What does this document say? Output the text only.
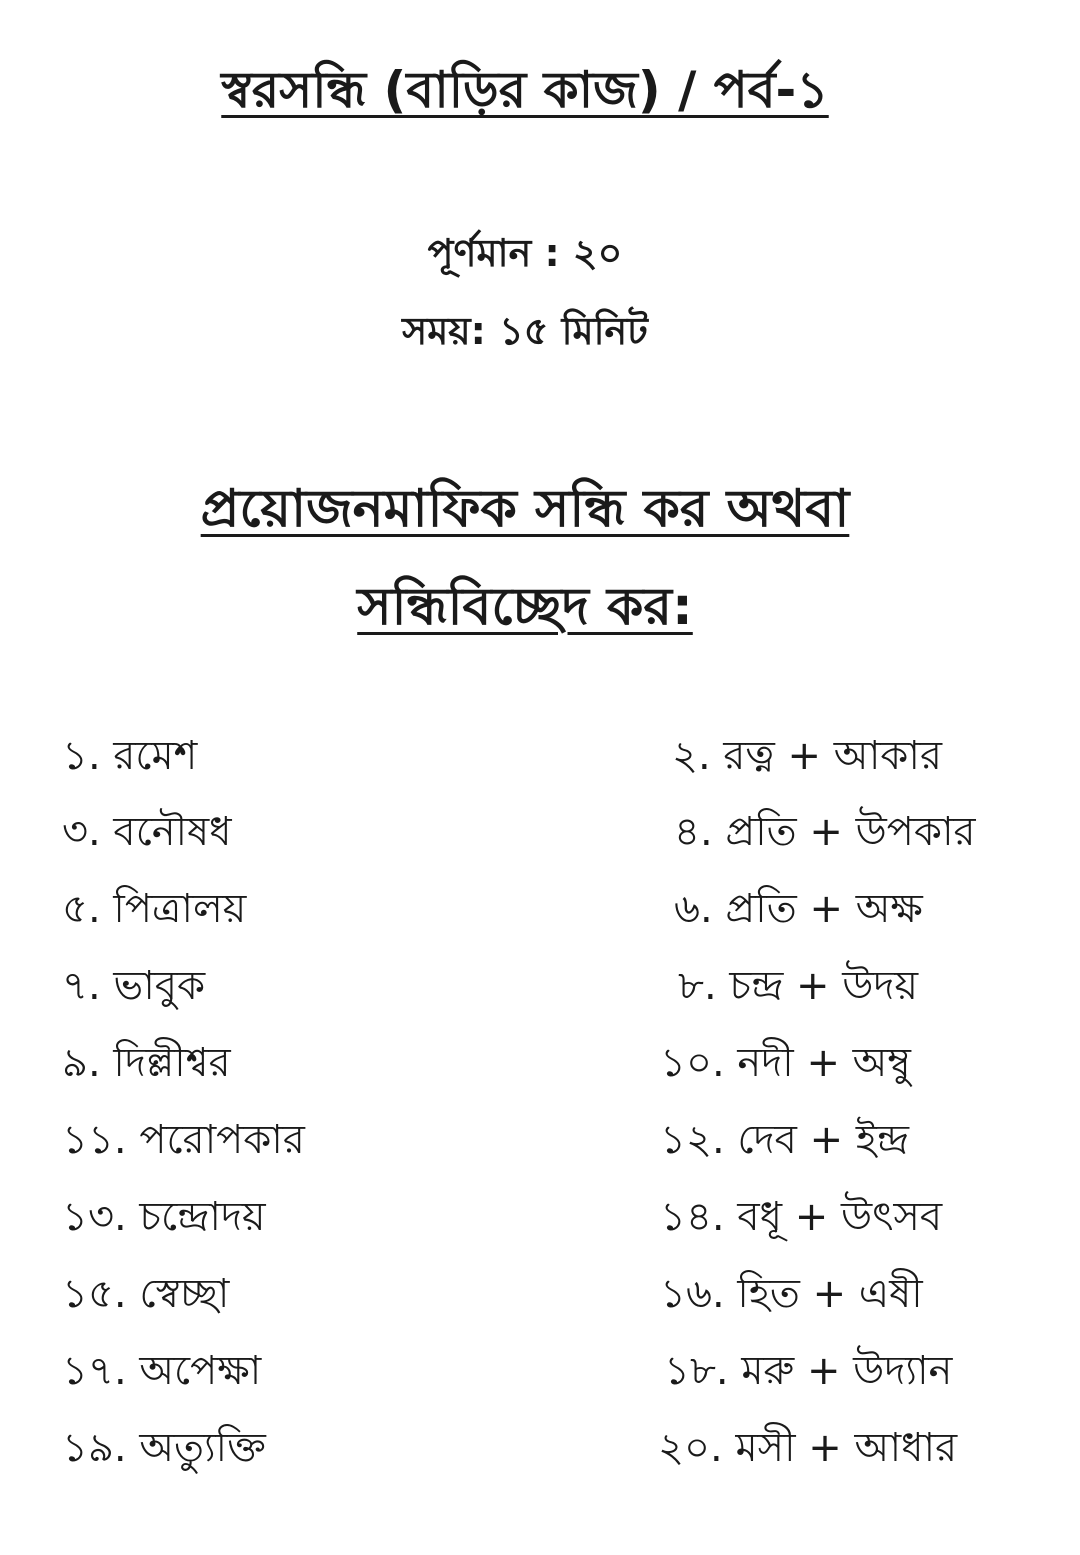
স্বরসন্ধি (বাড়ির কাজ) / পর্ব-১
পূর্ণমান : ২০
সময়: ১৫ মিনিট
প্রয়োজনমাফিক সন্ধি কর অথবা
সন্ধিবিচ্ছেদ কর:
১. রমেশ	২. রত্ন + আকার
৩. বনৌষধ	৪. প্রতি + উপকার
৫. পিত্রালয়	৬. প্রতি + অক্ষ
৭. ভাবুক	৮. চন্দ্র + উদয়
৯. দিল্লীশ্বর	১০. নদী + অম্বু
১১. পরোপকার	১২. দেব + ইন্দ্র
১৩. চন্দ্রোদয়	১৪. বধূ + উৎসব
১৫. স্বেচ্ছা	১৬. হিত + এষী
১৭. অপেক্ষা	১৮. মরু + উদ্যান
১৯. অত্যুক্তি	২০. মসী + আধার
